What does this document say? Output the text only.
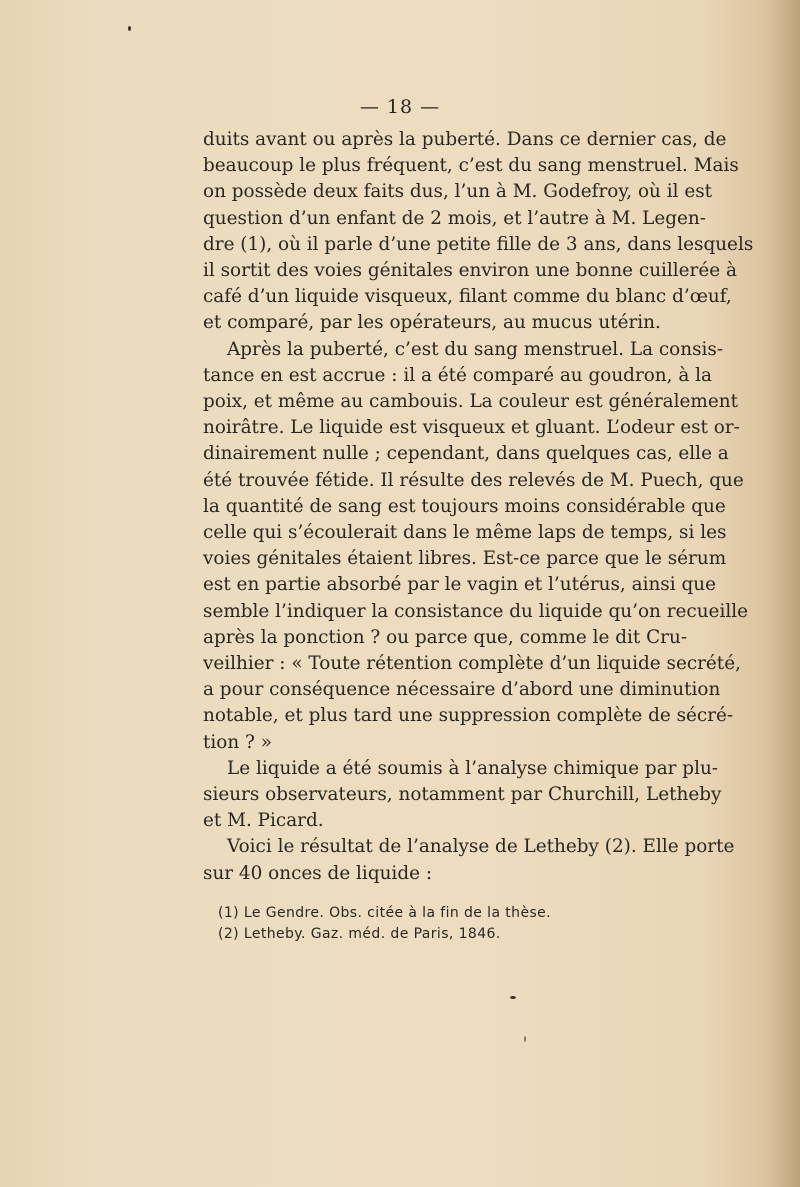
— 18 —
duits avant ou après la puberté. Dans ce dernier cas, de
beaucoup le plus fréquent, c’est du sang menstruel. Mais
on possède deux faits dus, l’un à M. Godefroy, où il est
question d’un enfant de 2 mois, et l’autre à M. Legen-
dre (1), où il parle d’une petite fille de 3 ans, dans lesquels
il sortit des voies génitales environ une bonne cuillerée à
café d’un liquide visqueux, filant comme du blanc d’œuf,
et comparé, par les opérateurs, au mucus utérin.
Après la puberté, c’est du sang menstruel. La consis-
tance en est accrue : il a été comparé au goudron, à la
poix, et même au cambouis. La couleur est généralement
noirâtre. Le liquide est visqueux et gluant. L’odeur est or-
dinairement nulle ; cependant, dans quelques cas, elle a
été trouvée fétide. Il résulte des relevés de M. Puech, que
la quantité de sang est toujours moins considérable que
celle qui s’écoulerait dans le même laps de temps, si les
voies génitales étaient libres. Est-ce parce que le sérum
est en partie absorbé par le vagin et l’utérus, ainsi que
semble l’indiquer la consistance du liquide qu’on recueille
après la ponction ? ou parce que, comme le dit Cru-
veilhier : « Toute rétention complète d’un liquide secrété,
a pour conséquence nécessaire d’abord une diminution
notable, et plus tard une suppression complète de sécré-
tion ? »
Le liquide a été soumis à l’analyse chimique par plu-
sieurs observateurs, notamment par Churchill, Letheby
et M. Picard.
Voici le résultat de l’analyse de Letheby (2). Elle porte
sur 40 onces de liquide :
(1) Le Gendre. Obs. citée à la fin de la thèse.
(2) Letheby. Gaz. méd. de Paris, 1846.
